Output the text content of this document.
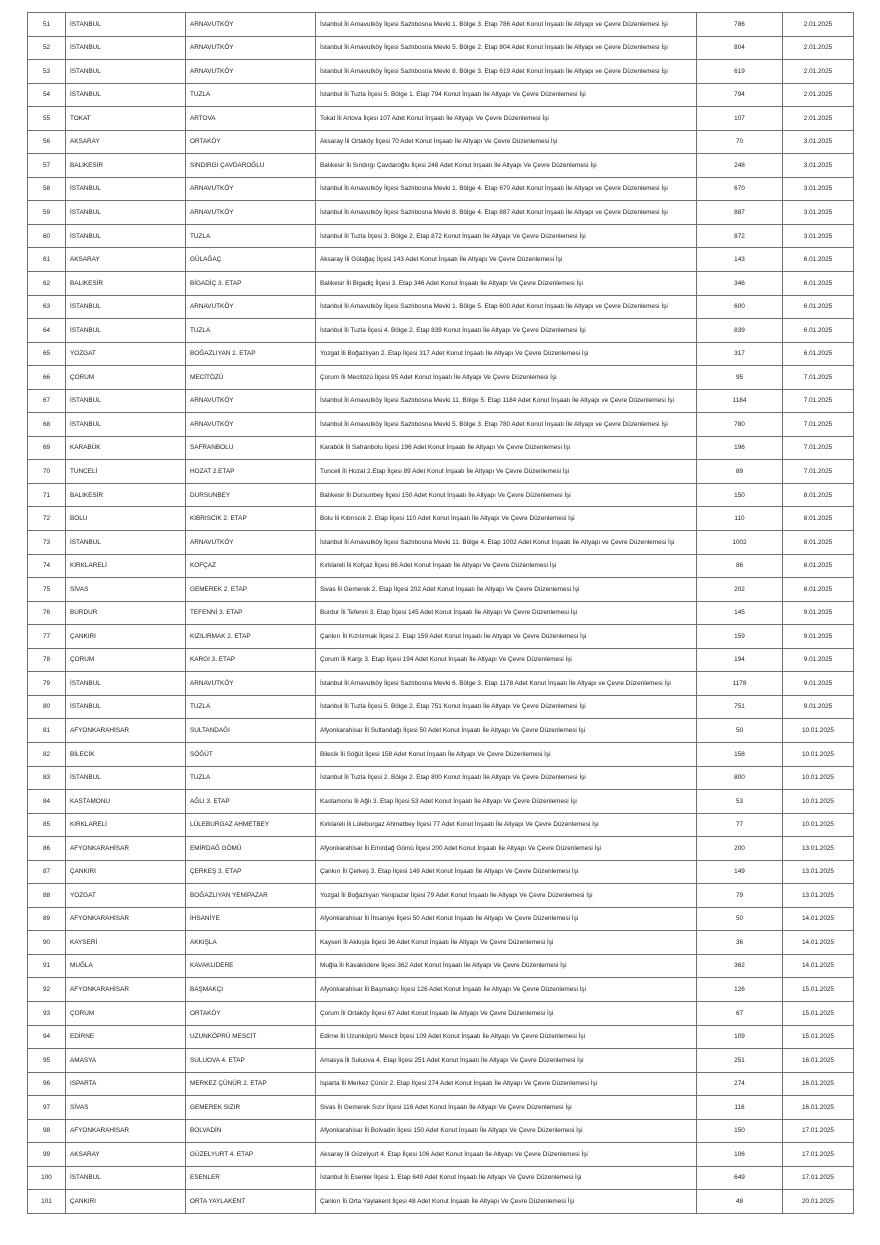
51	İSTANBUL	ARNAVUTKÖY	İstanbul İli Arnavutköy İlçesi Sazlıbosna Mevki 1. Bölge 3. Etap 786 Adet Konut İnşaatı İle Altyapı ve Çevre Düzenlemesi İşi	786	2.01.2025
52	İSTANBUL	ARNAVUTKÖY	İstanbul İli Arnavutköy İlçesi Sazlıbosna Mevki 5. Bölge 2. Etap 804 Adet Konut İnşaatı İle Altyapı ve Çevre Düzenlemesi İşi	804	2.01.2025
53	İSTANBUL	ARNAVUTKÖY	İstanbul İli Arnavutköy İlçesi Sazlıbosna Mevki 8. Bölge 3. Etap 619 Adet Konut İnşaatı İle Altyapı ve Çevre Düzenlemesi İşi	619	2.01.2025
54	İSTANBUL	TUZLA	İstanbul İli Tuzla İlçesi 5. Bölge 1. Etap 794 Konut İnşaatı İle Altyapı Ve Çevre Düzenlemesi İşi	794	2.01.2025
55	TOKAT	ARTOVA	Tokat İli Artova İlçesi 107 Adet Konut İnşaatı İle Altyapı Ve Çevre Düzenlemesi İşi	107	2.01.2025
56	AKSARAY	ORTAKÖY	Aksaray İli Ortaköy İlçesi 70 Adet Konut İnşaatı İle Altyapı Ve Çevre Düzenlemesi İşi	70	3.01.2025
57	BALIKESİR	SINDIRGI ÇAVDAROĞLU	Balıkesir İli Sındırgı Çavdaroğlu İlçesi 248 Adet Konut İnşaatı İle Altyapı Ve Çevre Düzenlemesi İşi	248	3.01.2025
58	İSTANBUL	ARNAVUTKÖY	İstanbul İli Arnavutköy İlçesi Sazlıbosna Mevki 1. Bölge 4. Etap 670 Adet Konut İnşaatı İle Altyapı ve Çevre Düzenlemesi İşi	670	3.01.2025
59	İSTANBUL	ARNAVUTKÖY	İstanbul İli Arnavutköy İlçesi Sazlıbosna Mevki 8. Bölge 4. Etap 887 Adet Konut İnşaatı İle Altyapı ve Çevre Düzenlemesi İşi	887	3.01.2025
60	İSTANBUL	TUZLA	İstanbul İli Tuzla İlçesi 3. Bölge 2. Etap 872 Konut İnşaatı İle Altyapı Ve Çevre Düzenlemesi İşi	872	3.01.2025
61	AKSARAY	GÜLAĞAÇ	Aksaray İli Gülağaç İlçesi 143 Adet Konut İnşaatı İle Altyapı Ve Çevre Düzenlemesi İşi	143	6.01.2025
62	BALIKESİR	BİGADİÇ 3. ETAP	Balıkesir İli Bigadiç İlçesi 3. Etap 346 Adet Konut İnşaatı İle Altyapı Ve Çevre Düzenlemesi İşi	346	6.01.2025
63	İSTANBUL	ARNAVUTKÖY	İstanbul İli Arnavutköy İlçesi Sazlıbosna Mevki 1. Bölge 5. Etap 600 Adet Konut İnşaatı İle Altyapı ve Çevre Düzenlemesi İşi	600	6.01.2025
64	İSTANBUL	TUZLA	İstanbul İli Tuzla İlçesi 4. Bölge 2. Etap 839 Konut İnşaatı İle Altyapı Ve Çevre Düzenlemesi İşi	839	6.01.2025
65	YOZGAT	BOĞAZLIYAN 2. ETAP	Yozgat İli Boğazlıyan 2. Etap İlçesi 317 Adet Konut İnşaatı İle Altyapı Ve Çevre Düzenlemesi İşi	317	6.01.2025
66	ÇORUM	MECİTÖZÜ	Çorum İli Mecitözü İlçesi 95 Adet Konut İnşaatı İle Altyapı Ve Çevre Düzenlemesi İşi	95	7.01.2025
67	İSTANBUL	ARNAVUTKÖY	İstanbul İli Arnavutköy İlçesi Sazlıbosna Mevki 11. Bölge 5. Etap 1184 Adet Konut İnşaatı İle Altyapı ve Çevre Düzenlemesi İşi	1184	7.01.2025
68	İSTANBUL	ARNAVUTKÖY	İstanbul İli Arnavutköy İlçesi Sazlıbosna Mevki 5. Bölge 3. Etap 780 Adet Konut İnşaatı İle Altyapı ve Çevre Düzenlemesi İşi	780	7.01.2025
69	KARABÜK	SAFRANBOLU	Karabük İli Safranbolu İlçesi 196 Adet Konut İnşaatı İle Altyapı Ve Çevre Düzenlemesi İşi	196	7.01.2025
70	TUNCELİ	HOZAT 2.ETAP	Tunceli İli Hozat 2.Etap İlçesi 89 Adet Konut İnşaatı İle Altyapı Ve Çevre Düzenlemesi İşi	89	7.01.2025
71	BALIKESİR	DURSUNBEY	Balıkesir İli Dursunbey İlçesi 150 Adet Konut İnşaatı İle Altyapı Ve Çevre Düzenlemesi İşi	150	8.01.2025
72	BOLU	KIBRISCIK 2. ETAP	Bolu İli Kıbrıscık 2. Etap İlçesi 110 Adet Konut İnşaatı İle Altyapı Ve Çevre Düzenlemesi İşi	110	8.01.2025
73	İSTANBUL	ARNAVUTKÖY	İstanbul İli Arnavutköy İlçesi Sazlıbosna Mevki 11. Bölge 4. Etap 1002 Adet Konut İnşaatı İle Altyapı ve Çevre Düzenlemesi İşi	1002	8.01.2025
74	KIRKLARELİ	KOFÇAZ	Kırklareli İli Kofçaz İlçesi 86 Adet Konut İnşaatı İle Altyapı Ve Çevre Düzenlemesi İşi	86	8.01.2025
75	SİVAS	GEMEREK 2. ETAP	Sivas İli Gemerek 2. Etap İlçesi 202 Adet Konut İnşaatı İle Altyapı Ve Çevre Düzenlemesi İşi	202	8.01.2025
76	BURDUR	TEFENNİ 3. ETAP	Burdur İli Tefenni 3. Etap İlçesi 145 Adet Konut İnşaatı İle Altyapı Ve Çevre Düzenlemesi İşi	145	9.01.2025
77	ÇANKIRI	KIZILIRMAK 2. ETAP	Çankırı İli Kızılırmak İlçesi 2. Etap 159 Adet Konut İnşaatı İle Altyapı Ve Çevre Düzenlemesi İşi	159	9.01.2025
78	ÇORUM	KARGI 3. ETAP	Çorum İli Kargı 3. Etap İlçesi 194 Adet Konut İnşaatı İle Altyapı Ve Çevre Düzenlemesi İşi	194	9.01.2025
79	İSTANBUL	ARNAVUTKÖY	İstanbul İli Arnavutköy İlçesi Sazlıbosna Mevki 6. Bölge 3. Etap 1178 Adet Konut İnşaatı İle Altyapı ve Çevre Düzenlemesi İşi	1178	9.01.2025
80	İSTANBUL	TUZLA	İstanbul İli Tuzla İlçesi 5. Bölge 2. Etap 751 Konut İnşaatı İle Altyapı Ve Çevre Düzenlemesi İşi	751	9.01.2025
81	AFYONKARAHİSAR	SULTANDAĞI	Afyonkarahisar İli Sultandağı İlçesi 50 Adet Konut İnşaatı İle Altyapı Ve Çevre Düzenlemesi İşi	50	10.01.2025
82	BİLECİK	SÖĞÜT	Bilecik İli Söğüt İlçesi 158 Adet Konut İnşaatı İle Altyapı Ve Çevre Düzenlemesi İşi	158	10.01.2025
83	İSTANBUL	TUZLA	İstanbul İli Tuzla İlçesi 2. Bölge 2. Etap 800 Konut İnşaatı İle Altyapı Ve Çevre Düzenlemesi İşi	800	10.01.2025
84	KASTAMONU	AĞLI 3. ETAP	Kastamonu İli Ağlı 3. Etap İlçesi 53 Adet Konut İnşaatı İle Altyapı Ve Çevre Düzenlemesi İşi	53	10.01.2025
85	KIRKLARELİ	LÜLEBURGAZ AHMETBEY	Kırklareli İli Lüleburgaz Ahmetbey İlçesi 77 Adet Konut İnşaatı İle Altyapı Ve Çevre Düzenlemesi İşi	77	10.01.2025
86	AFYONKARAHİSAR	EMİRDAĞ GÖMÜ	Afyonkarahisar İli Emirdağ Gömü İlçesi 200 Adet Konut İnşaatı İle Altyapı Ve Çevre Düzenlemesi İşi	200	13.01.2025
87	ÇANKIRI	ÇERKEŞ 3. ETAP	Çankırı İli Çerkeş 3. Etap İlçesi 149 Adet Konut İnşaatı İle Altyapı Ve Çevre Düzenlemesi İşi	149	13.01.2025
88	YOZGAT	BOĞAZLIYAN YENİPAZAR	Yozgat İli Boğazlıyan Yenipazar İlçesi 79 Adet Konut İnşaatı İle Altyapı Ve Çevre Düzenlemesi İşi	79	13.01.2025
89	AFYONKARAHİSAR	İHSANİYE	Afyonkarahisar İli İhsaniye İlçesi 50 Adet Konut İnşaatı İle Altyapı Ve Çevre Düzenlemesi İşi	50	14.01.2025
90	KAYSERİ	AKKIŞLA	Kayseri İli Akkışla İlçesi 36 Adet Konut İnşaatı İle Altyapı Ve Çevre Düzenlemesi İşi	36	14.01.2025
91	MUĞLA	KAVAKLIDERE	Muğla İli Kavaklıdere İlçesi 362 Adet Konut İnşaatı İle Altyapı Ve Çevre Düzenlemesi İşi	362	14.01.2025
92	AFYONKARAHİSAR	BAŞMAKÇI	Afyonkarahisar İli Başmakçı İlçesi 126 Adet Konut İnşaatı İle Altyapı Ve Çevre Düzenlemesi İşi	126	15.01.2025
93	ÇORUM	ORTAKÖY	Çorum İli Ortaköy İlçesi 67 Adet Konut İnşaatı İle Altyapı Ve Çevre Düzenlemesi İşi	67	15.01.2025
94	EDİRNE	UZUNKÖPRÜ MESCİT	Edirne İli Uzunköprü Mescit İlçesi 109 Adet Konut İnşaatı İle Altyapı Ve Çevre Düzenlemesi İşi	109	15.01.2025
95	AMASYA	SULUOVA 4. ETAP	Amasya İli Suluova 4. Etap İlçesi 251 Adet Konut İnşaatı İle Altyapı Ve Çevre Düzenlemesi İşi	251	16.01.2025
96	ISPARTA	MERKEZ ÇÜNÜR 2. ETAP	Isparta İli Merkez Çünür 2. Etap İlçesi 274 Adet Konut İnşaatı İle Altyapı Ve Çevre Düzenlemesi İşi	274	16.01.2025
97	SİVAS	GEMEREK SIZIR	Sivas İli Gemerek Sızır İlçesi 116 Adet Konut İnşaatı İle Altyapı Ve Çevre Düzenlemesi İşi	116	16.01.2025
98	AFYONKARAHİSAR	BOLVADİN	Afyonkarahisar İli Bolvadin İlçesi 150 Adet Konut İnşaatı İle Altyapı Ve Çevre Düzenlemesi İşi	150	17.01.2025
99	AKSARAY	GÜZELYURT 4. ETAP	Aksaray İli Güzelyurt 4. Etap İlçesi 106 Adet Konut İnşaatı İle Altyapı Ve Çevre Düzenlemesi İşi	106	17.01.2025
100	İSTANBUL	ESENLER	İstanbul İli Esenler İlçesi 1. Etap 649 Adet Konut İnşaatı İle Altyapı Ve Çevre Düzenlemesi İşi	649	17.01.2025
101	ÇANKIRI	ORTA YAYLAKENT	Çankırı İli Orta Yaylakent İlçesi 48 Adet Konut İnşaatı İle Altyapı Ve Çevre Düzenlemesi İşi	48	20.01.2025
